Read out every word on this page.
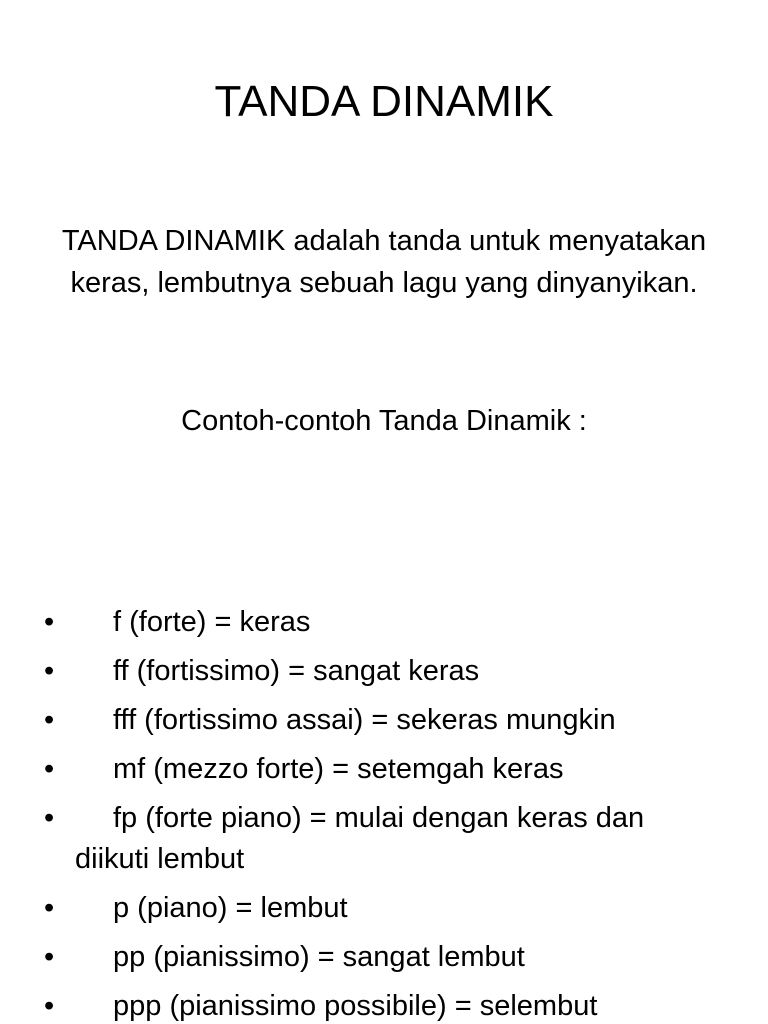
TANDA DINAMIK

TANDA DINAMIK adalah tanda untuk menyatakan keras, lembutnya sebuah lagu yang dinyanyikan.

Contoh-contoh Tanda Dinamik :

•	f (forte) = keras
•	ff (fortissimo) = sangat keras
•	fff (fortissimo assai) = sekeras mungkin
•	mf (mezzo forte) = setemgah keras
•	fp (forte piano) = mulai dengan keras dan diikuti lembut
•	p (piano) = lembut
•	pp (pianissimo) = sangat lembut
•	ppp (pianissimo possibile) = selembut
